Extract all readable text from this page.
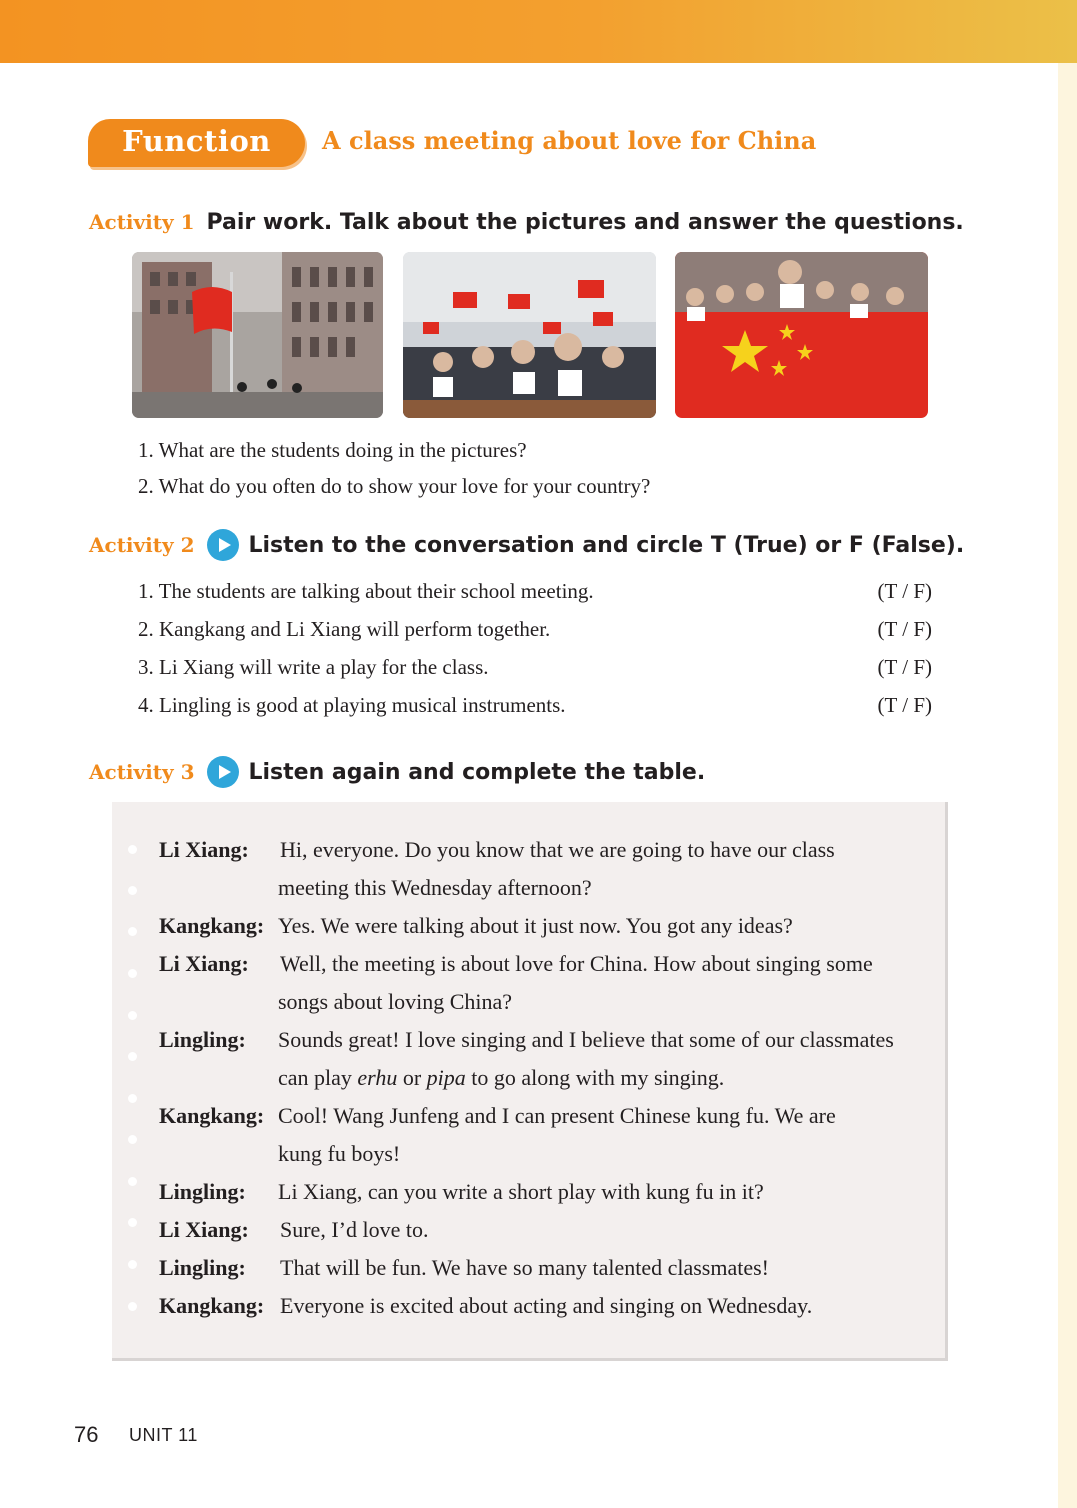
Function	A class meeting about love for China
Activity 1 Pair work. Talk about the pictures and answer the questions.
1. What are the students doing in the pictures?
2. What do you often do to show your love for your country?
Activity 2 Listen to the conversation and circle T (True) or F (False).
1. The students are talking about their school meeting.	(T / F)
2. Kangkang and Li Xiang will perform together.	(T / F)
3. Li Xiang will write a play for the class.	(T / F)
4. Lingling is good at playing musical instruments.	(T / F)
Activity 3 Listen again and complete the table.
Li Xiang: Hi, everyone. Do you know that we are going to have our class
meeting this Wednesday afternoon?
Kangkang: Yes. We were talking about it just now. You got any ideas?
Li Xiang: Well, the meeting is about love for China. How about singing some
songs about loving China?
Lingling: Sounds great! I love singing and I believe that some of our classmates
can play erhu or pipa to go along with my singing.
Kangkang: Cool! Wang Junfeng and I can present Chinese kung fu. We are
kung fu boys!
Lingling: Li Xiang, can you write a short play with kung fu in it?
Li Xiang: Sure, I’d love to.
Lingling: That will be fun. We have so many talented classmates!
Kangkang: Everyone is excited about acting and singing on Wednesday.
76 UNIT 11
